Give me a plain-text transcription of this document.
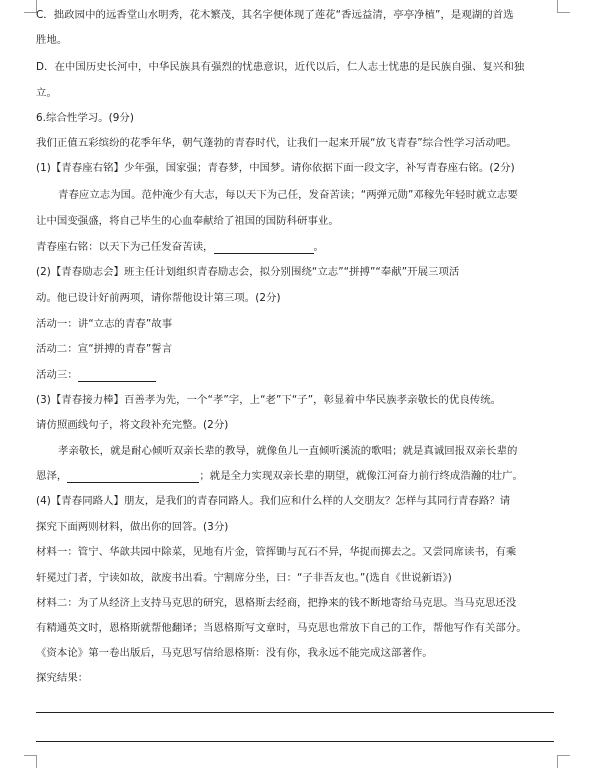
C．拙政园中的远香堂山水明秀，花木繁茂，其名字便体现了莲花“香远益清，亭亭净植”，是观湖的首选
胜地。
D．在中国历史长河中，中华民族具有强烈的忧患意识，近代以后，仁人志士忧患的是民族自强、复兴和独
立。
6.综合性学习。(9分)
我们正值五彩缤纷的花季年华，朝气蓬勃的青春时代，让我们一起来开展“放飞青春”综合性学习活动吧。
(1)【青春座右铭】少年强，国家强；青春梦，中国梦。请你依据下面一段文字，补写青春座右铭。(2分)
青春应立志为国。范仲淹少有大志，每以天下为己任，发奋苦读；“两弹元勋”邓稼先年轻时就立志要
让中国变强盛，将自己毕生的心血奉献给了祖国的国防科研事业。
青春座右铭：以天下为己任发奋苦读，	。
(2)【青春励志会】班主任计划组织青春励志会，拟分别围绕“立志”“拼搏”“奉献”开展三项活
动。他已设计好前两项，请你帮他设计第三项。(2分)
活动一：讲“立志的青春”故事
活动二：宣“拼搏的青春”誓言
活动三：
(3)【青春接力棒】百善孝为先，一个“孝”字，上“老”下“子”，彰显着中华民族孝亲敬长的优良传统。
请仿照画线句子，将文段补充完整。(2分)
孝亲敬长，就是耐心倾听双亲长辈的教导，就像鱼儿一直倾听溪流的歌唱；就是真诚回报双亲长辈的
恩泽，	；就是全力实现双亲长辈的期望，就像江河奋力前行终成浩瀚的壮广。
(4)【青春同路人】朋友，是我们的青春同路人。我们应和什么样的人交朋友？怎样与其同行青春路？请
探究下面两则材料，做出你的回答。(3分)
材料一：管宁、华歆共园中除菜，见地有片金，管挥锄与瓦石不异，华捉而掷去之。又尝同席读书，有乘
轩冕过门者，宁读如故，歆废书出看。宁割席分坐，曰：“子非吾友也。”(选自《世说新语》)
材料二：为了从经济上支持马克思的研究，恩格斯去经商，把挣来的钱不断地寄给马克思。当马克思还没
有精通英文时，恩格斯就帮他翻译；当恩格斯写文章时，马克思也常放下自己的工作，帮他写作有关部分。
《资本论》第一卷出版后，马克思写信给恩格斯：没有你，我永远不能完成这部著作。
探究结果：
